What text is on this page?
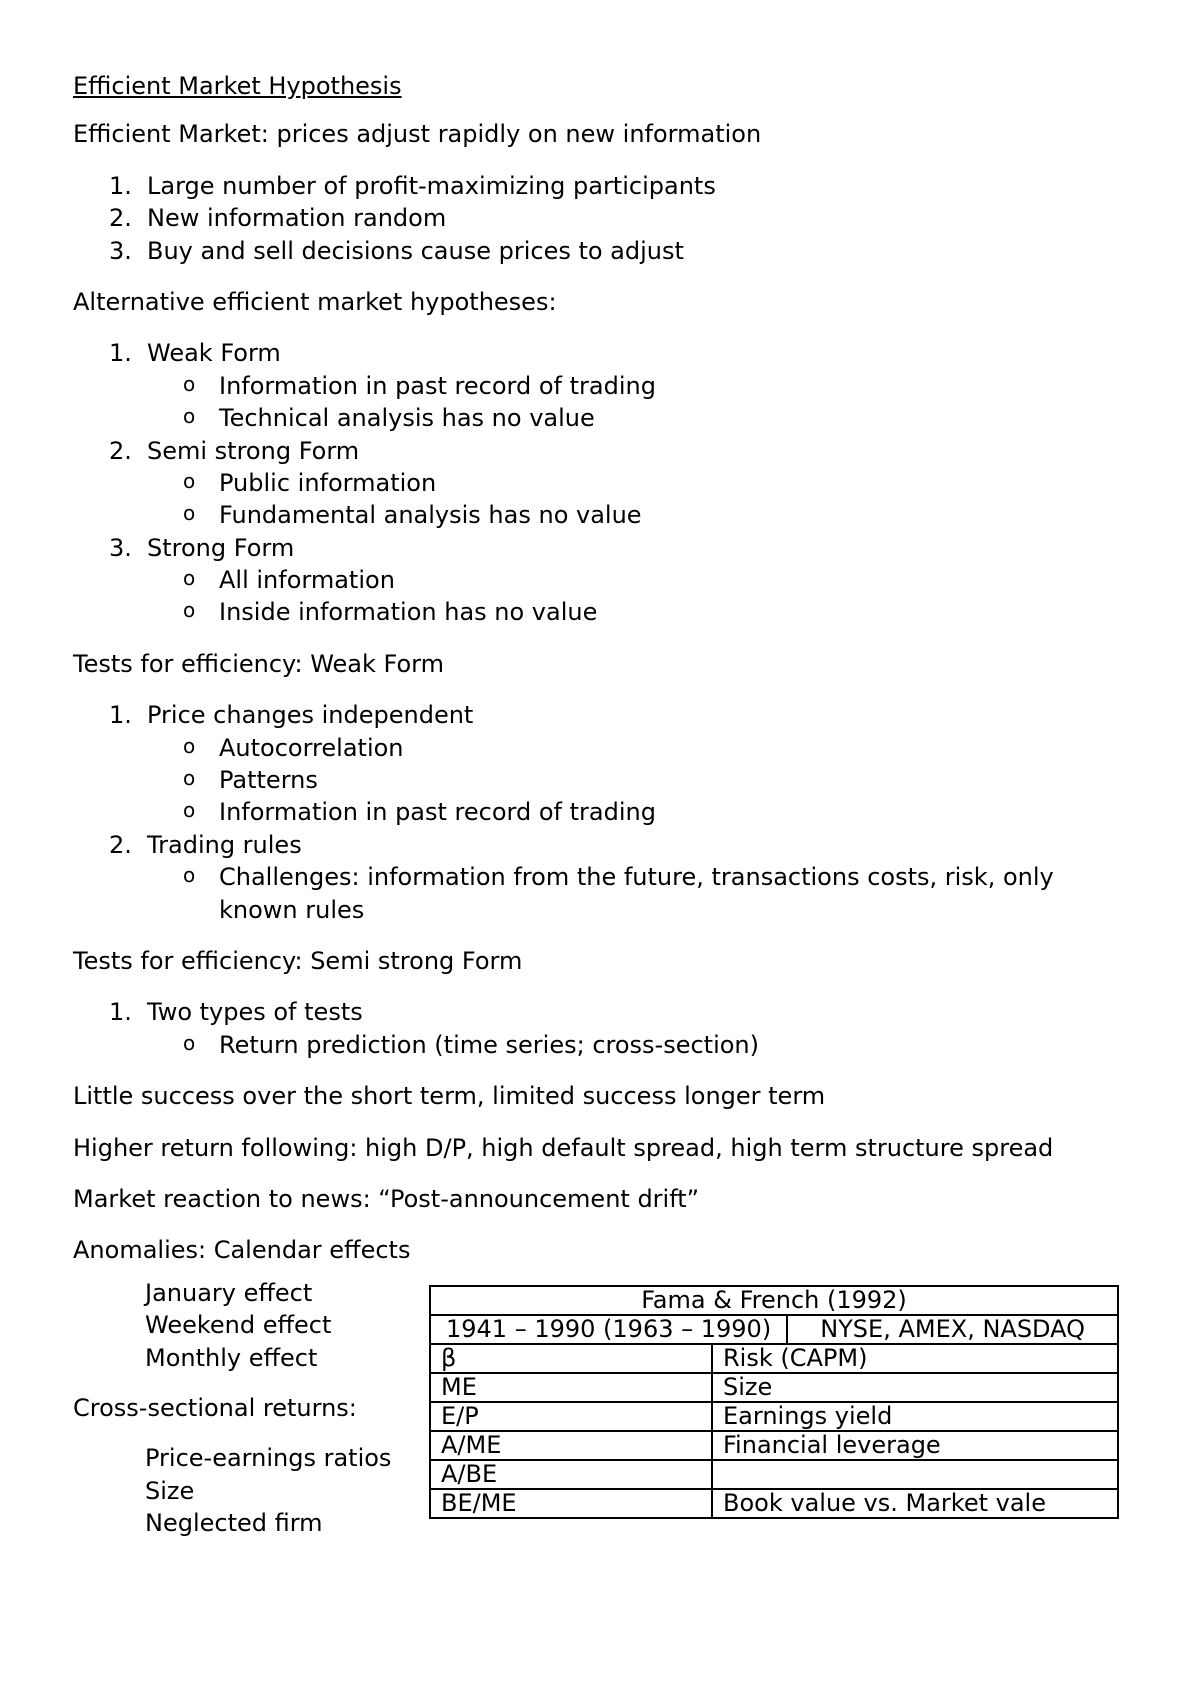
Efficient Market Hypothesis

Efficient Market: prices adjust rapidly on new information

1. Large number of profit-maximizing participants
2. New information random
3. Buy and sell decisions cause prices to adjust

Alternative efficient market hypotheses:

1. Weak Form
o Information in past record of trading
o Technical analysis has no value
2. Semi strong Form
o Public information
o Fundamental analysis has no value
3. Strong Form
o All information
o Inside information has no value

Tests for efficiency: Weak Form

1. Price changes independent
o Autocorrelation
o Patterns
o Information in past record of trading
2. Trading rules
o Challenges: information from the future, transactions costs, risk, only known rules

Tests for efficiency: Semi strong Form

1. Two types of tests
o Return prediction (time series; cross-section)

Little success over the short term, limited success longer term

Higher return following: high D/P, high default spread, high term structure spread

Market reaction to news: “Post-announcement drift”

Anomalies: Calendar effects

January effect
Weekend effect
Monthly effect
Cross-sectional returns:
Price-earnings ratios
Size
Neglected firm
Fama & French (1992)		
1941 – 1990 (1963 – 1990)		NYSE, AMEX, NASDAQ
β	Risk (CAPM)	
ME	Size	
E/P	Earnings yield	
A/ME	Financial leverage	
A/BE		
BE/ME	Book value vs. Market vale	
